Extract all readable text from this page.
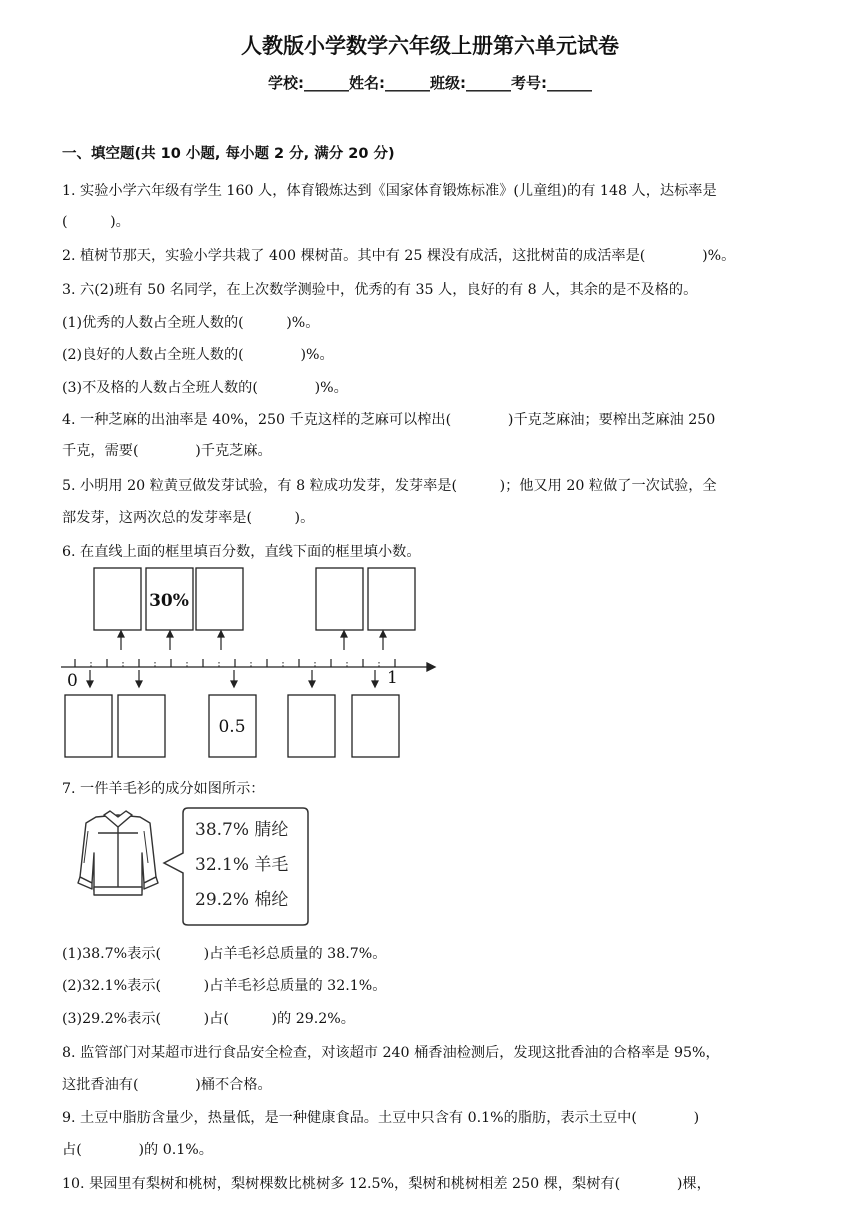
人教版小学数学六年级上册第六单元试卷
学校:______姓名:______班级:______考号:______
一、填空题(共 10 小题, 每小题 2 分, 满分 20 分)
1. 实验小学六年级有学生 160 人，体育锻炼达到《国家体育锻炼标准》(儿童组)的有 148 人，达标率是
(　　　)。
2. 植树节那天，实验小学共栽了 400 棵树苗。其中有 25 棵没有成活，这批树苗的成活率是(　　　　)%。
3. 六(2)班有 50 名同学，在上次数学测验中，优秀的有 35 人，良好的有 8 人，其余的是不及格的。
(1)优秀的人数占全班人数的(　　　)%。
(2)良好的人数占全班人数的(　　　　)%。
(3)不及格的人数占全班人数的(　　　　)%。
4. 一种芝麻的出油率是 40%，250 千克这样的芝麻可以榨出(　　　　)千克芝麻油；要榨出芝麻油 250
千克，需要(　　　　)千克芝麻。
5. 小明用 20 粒黄豆做发芽试验，有 8 粒成功发芽，发芽率是(　　　)；他又用 20 粒做了一次试验，全
部发芽，这两次总的发芽率是(　　　)。
6. 在直线上面的框里填百分数，直线下面的框里填小数。
0	1
30%
0.5
7. 一件羊毛衫的成分如图所示：
38.7% 腈纶
32.1% 羊毛
29.2% 棉纶
(1)38.7%表示(　　　)占羊毛衫总质量的 38.7%。
(2)32.1%表示(　　　)占羊毛衫总质量的 32.1%。
(3)29.2%表示(　　　)占(　　　)的 29.2%。
8. 监管部门对某超市进行食品安全检查，对该超市 240 桶香油检测后，发现这批香油的合格率是 95%，
这批香油有(　　　　)桶不合格。
9. 土豆中脂肪含量少，热量低，是一种健康食品。土豆中只含有 0.1%的脂肪，表示土豆中(　　　　)
占(　　　　)的 0.1%。
10. 果园里有梨树和桃树，梨树棵数比桃树多 12.5%，梨树和桃树相差 250 棵，梨树有(　　　　)棵，
